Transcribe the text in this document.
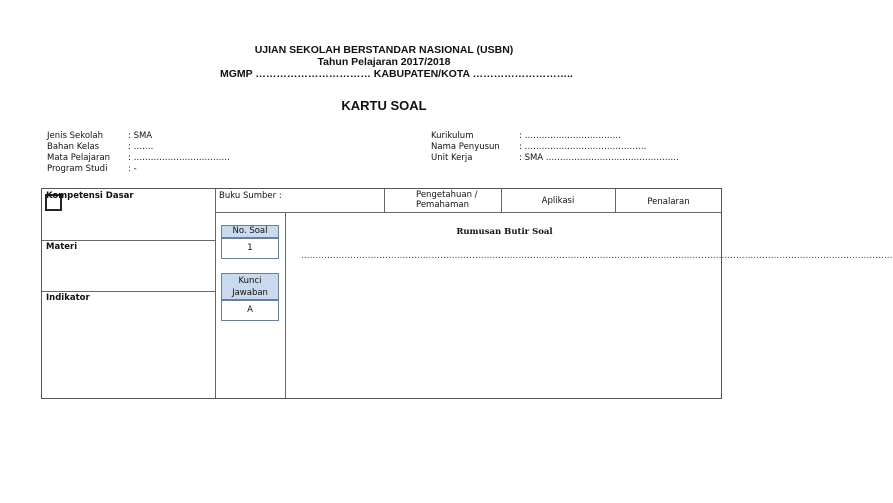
UJIAN SEKOLAH BERSTANDAR NASIONAL (USBN)
Tahun Pelajaran 2017/2018
MGMP …………………………… KABUPATEN/KOTA ………………………..
KARTU SOAL
Jenis Sekolah	: SMA
Bahan Kelas	: …….
Mata Pelajaran	: …………………………….
Program Studi	: -
Kurikulum	: …………………………….
Nama Penyusun	: …………………………………….
Unit Kerja	: SMA ………………………………………..
Kompetensi Dasar
Materi
Indikator
Buku Sumber :	Pengetahuan / Pemahaman	Aplikasi	Penalaran
No. Soal
1
Kunci Jawaban
A
Rumusan Butir Soal
……………………………………………………………………………………………………………………………………………………………………………………
